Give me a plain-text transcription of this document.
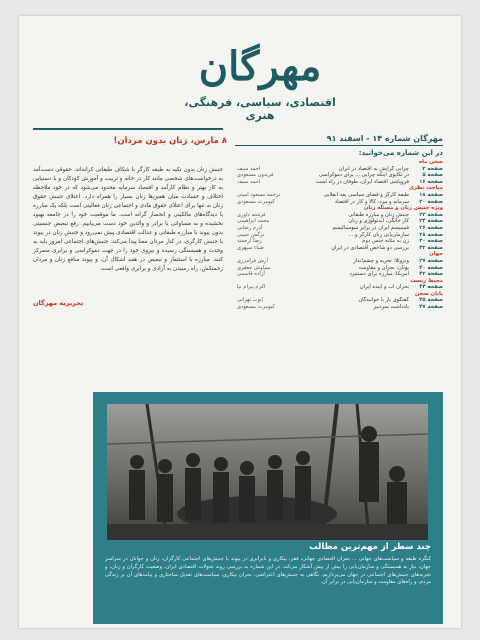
مهرگان
اقتصادی، سیاسی، فرهنگی، هنری
۸ مارس، زنان بدون مردان!
جنبش زنان بدون تکیه به طبقه کارگر با شکاف طبقاتی کرانه‌اند. حقوقی دست‌آمد به درخواست‌های شخصی مانند کار در خانه و تربیت و آموزش کودکان و یا دستیابی به کار بهتر و نظام کارآمد و اقتصاد سرمایه محدود می‌شود که در خود ملاحظه اختلاف و حسادت میان همین‌ها زنان بسیار را همراه دارد. اعتلای جنبش حقوق زنان نه تنها برای اعتلای حقوق مادی و اجتماعی زنان فعالیتی است بلکه یک مبارزه با دیدگاه‌های مالکیتی و انحصار گرانه است. ما موقعیت خود را در جامعه بهبود بخشیده و به مساواتی با برادر و والدین خود دست می‌یابیم. رفع تبعیض جنسیتی بدون پیوند با مبارزه طبقاتی و عدالت اقتصادی پیش نمی‌رود و جنبش زنان در پیوند با جنبش کارگری، در کنار مردان معنا پیدا می‌کند. جنبش‌های اجتماعی امروز باید به وحدت و همبستگی رسیده و نیروی خود را در جهت دموکراسی و برابری متمرکز کنند. مبارزه با استثمار و تبعیض در همه اشکال آن، و پیوند منافع زنان و مردان زحمتکش، راه رسیدن به آزادی و برابری واقعی است.
تحریریه مهرگان
مهرگان شماره ۱۴ - اسفند ۹۱
در این شماره می‌خوانید:
سخن ماه
صفحه ۲
چرایی گرایش به اقتصاد در ایران
احمد سیف
صفحه ۵
در تکاپوی اینکه چرایی ... برای دموکراسی
فریدون مسعودی
صفحه ۱۶
فروپاشی اقتصاد ایران، طوفان در راه است
احمد سیف
مباحث نظری
صفحه ۱۸
طبقه کارگر و فضای سیاسی بعد انقلابی
ترجمه مسعود امینی
صفحه ۲۰
سرمایه و مزد، کالا و کار در اقتصاد
کیومرث مسعودی
ویژه جنبش زنان و مسئله زنان
صفحه ۲۲
جنبش زنان و مبارزه طبقاتی
فرشته داوری
صفحه ۲۴
کار خانگی، ایدئولوژی و زنان
محمد ابراهیمی
صفحه ۲۶
فمینیسم ایران در برابر سوسیالیسم
آذرم رضایی
صفحه ۲۸
سازمان‌یابی زنان کارگر و ...
نرگس حبیبی
صفحه ۳۰
زن به مثابه جنس دوم
رضا ارجمند
صفحه ۳۲
بررسی دو شاخص اقتصادی در ایران
ضیاء سپهری
جهان
صفحه ۳۷
ونزوئلا: تجربه و چشم‌انداز
آرش فرامرزی
صفحه ۴۰
یونان: بحران و مقاومت
سیاوش جعفری
صفحه ۴۲
آمریکا: مبارزه برای دستمزد
آزاده قاسمی
محیط زیست
صفحه ۴۴
بحران آب و آینده ایران
اکرم پیرام نیا
پایان سخن
صفحه ۴۵
گفتگوی باز با خوانندگان
ایوب تهرانی
صفحه ۴۷
یادداشت سردبیر
کیومرث مسعودی
چند سطر از مهم‌ترین مطالب
کنگره طبقه و سیاست‌های جهانی ... بحران اقتصادی جهانی، فقر، بیکاری و نابرابری در پیوند با جنبش‌های اجتماعی کارگران، زنان و جوانان در سراسر جهان، نیاز به همبستگی و سازمان‌یابی را بیش از پیش آشکار می‌کند. در این شماره به بررسی روند تحولات اقتصادی ایران، وضعیت کارگران و زنان، و تجربه‌های جنبش‌های اجتماعی در جهان می‌پردازیم. نگاهی به جنبش‌های اعتراضی، بحران بیکاری، سیاست‌های تعدیل ساختاری و پیامدهای آن بر زندگی مردم، و راه‌های مقاومت و سازمان‌یابی در برابر آن.
